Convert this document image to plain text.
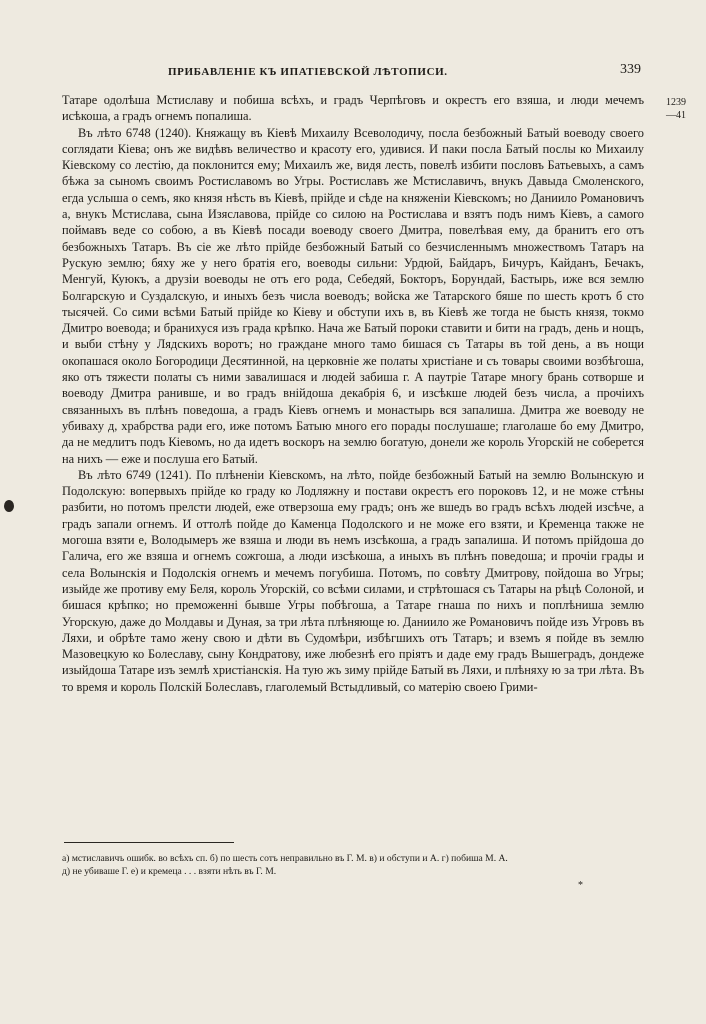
ПРИБАВЛЕНІЕ КЪ ИПАТІЕВСКОЙ ЛѢТОПИСИ.	339
1239
—41

Татаре одолѣша Мстиславу и побиша всѣхъ, и градъ Черпѣговъ и окрестъ его взяша, и люди мечемъ исѣкоша, а градъ огнемъ попалиша.

Въ лѣто 6748 (1240). Княжащу въ Кіевѣ Михаилу Всеволодичу, посла безбожный Батый воеводу своего соглядати Кіева; онъ же видѣвъ величество и красоту его, удивися. И паки посла Батый послы ко Михаилу Кіевскому со лестію, да поклонится ему; Михаилъ же, видя лесть, повелѣ избити пословъ Батьевыхъ, а самъ бѣжа за сыномъ своимъ Ростиславомъ во Угры. Ростиславъ же Мстиславичъ, внукъ Давыда Смоленского, егда услыша о семъ, яко князя нѣсть въ Кіевѣ, прійде и сѣде на княженіи Кіевскомъ; но Даниило Романовичъ а, внукъ Мстислава, сына Изяславова, прійде со силою на Ростислава и взятъ подъ нимъ Кіевъ, а самого поймавъ веде со собою, а въ Кіевѣ посади воеводу своего Дмитра, повелѣвая ему, да бранитъ его отъ безбожныхъ Татаръ. Въ сіе же лѣто прійде безбожный Батый со безчисленнымъ множествомъ Татаръ на Рускую землю; бяху же у него братія его, воеводы сильни: Урдюй, Байдаръ, Бичуръ, Кайданъ, Бечакъ, Менгуй, Куюкъ, а друзіи воеводы не отъ его рода, Себедяй, Бокторъ, Борундай, Бастырь, иже вся землю Болгарскую и Суздалскую, и иныхъ безъ числа воеводъ; войска же Татарского бяше по шесть кротъ б сто тысячей. Со сими всѣми Батый прійде ко Кіеву и обступи ихъ в, въ Кіевѣ же тогда не бысть князя, токмо Дмитро воевода; и бранихуся изъ града крѣпко. Нача же Батый пороки ставити и бити на градъ, день и нощъ, и выби стѣну у Лядскихъ воротъ; но граждане много тамо бишася съ Татары въ той день, а въ нощи окопашася около Богородици Десятинной, на церковніе же полаты христіане и съ товары своими возбѣгоша, яко отъ тяжести полаты съ ними завалишася и людей забиша г. А паутріе Татаре многу брань сотворше и воеводу Дмитра ранивше, и во градъ внійдоша декабрія 6, и изсѣкше людей безъ числа, а прочіихъ связанныхъ въ плѣнъ поведоша, а градъ Кіевъ огнемъ и монастырь вся запалиша. Дмитра же воеводу не убиваху д, храбрства ради его, иже потомъ Батыю много его порады послушаше; глаголаше бо ему Дмитро, да не медлитъ подъ Кіевомъ, но да идетъ воскоръ на землю богатую, донели же король Угорскій не соберется на нихъ — еже и послуша его Батый.

Въ лѣто 6749 (1241). По плѣненіи Кіевскомъ, на лѣто, пойде безбожный Батый на землю Волынскую и Подолскую: вопервыхъ прійде ко граду ко Лодляжну и постави окрестъ его пороковъ 12, и не може стѣны разбити, но потомъ прелсти людей, еже отверзоша ему градъ; онъ же вшедъ во градъ всѣхъ людей изсѣче, а градъ запали огнемъ. И оттолѣ пойде до Каменца Подолского и не може его взяти, и Кременца также не могоша взяти е, Володымеръ же взяша и люди въ немъ изсѣкоша, а градъ запалиша. И потомъ прійдоша до Галича, его же взяша и огнемъ сожгоша, а люди изсѣкоша, а иныхъ въ плѣнъ поведоша; и прочіи грады и села Волынскія и Подолскія огнемъ и мечемъ погубиша. Потомъ, по совѣту Дмитрову, пойдоша во Угры; изыйде же противу ему Беля, король Угорскій, со всѣми силами, и стрѣтошася съ Татары на рѣцѣ Солоной, и бишася крѣпко; но преможенні бывше Угры побѣгоша, а Татаре гнаша по нихъ и поплѣниша землю Угорскую, даже до Молдавы и Дуная, за три лѣта плѣняюще ю. Даниило же Романовичъ пойде изъ Угровъ въ Ляхи, и обрѣте тамо жену свою и дѣти въ Судомѣри, избѣгшихъ отъ Татаръ; и вземъ я пойде въ землю Мазовецкую ко Болеславу, сыну Кондратову, иже любезнѣ его пріятъ и даде ему градъ Вышеградъ, дондеже изыйдоша Татаре изъ землѣ христіанскія. На тую жъ зиму прійде Батый въ Ляхи, и плѣняху ю за три лѣта. Въ то время и король Полскій Болеславъ, глаголемый Встыдливый, со матерію своею Грими-

а) мстиславичъ ошибк. во всѣхъ сп. б) по шесть сотъ неправильно въ Г. М. в) и обступи и А. г) побиша М. А.

д) не убиваше Г. е) и кремеца . . . взяти нѣть въ Г. М.

*
